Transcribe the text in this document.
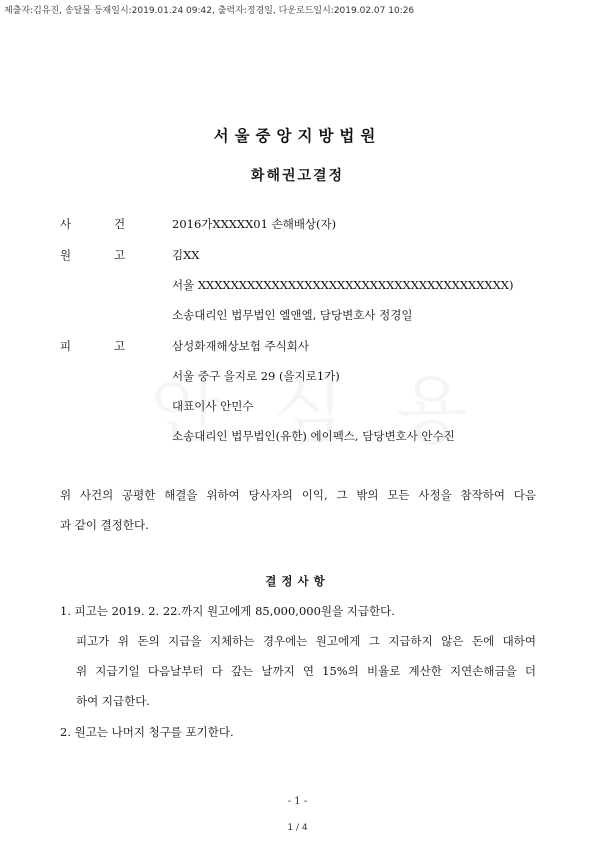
제출자:김유진, 송달물 등재일시:2019.01.24 09:42, 출력자:정경일, 다운로드일시:2019.02.07 10:26
서울중앙지방법원
화해권고결정
사	건	2016가XXXXX01 손해배상(자)
원	고	김XX
서울 XXXXXXXXXXXXXXXXXXXXXXXXXXXXXXXXXXXXXX)
소송대리인 법무법인 엘앤엘, 담당변호사 정경일
피	고	삼성화재해상보험 주식회사
서울 중구 을지로 29 (을지로1가)
대표이사 안민수
소송대리인 법무법인(유한) 에이펙스, 담당변호사 안수진
위 사건의 공평한 해결을 위하여 당사자의 이익, 그 밖의 모든 사정을 참작하여 다음
과 같이 결정한다.
결정사항
1. 피고는 2019. 2. 22.까지 원고에게 85,000,000원을 지급한다.
피고가 위 돈의 지급을 지체하는 경우에는 원고에게 그 지급하지 않은 돈에 대하여
위 지급기일 다음날부터 다 갚는 날까지 연 15%의 비율로 계산한 지연손해금을 더
하여 지급한다.
2. 원고는 나머지 청구를 포기한다.
- 1 -
1 / 4
